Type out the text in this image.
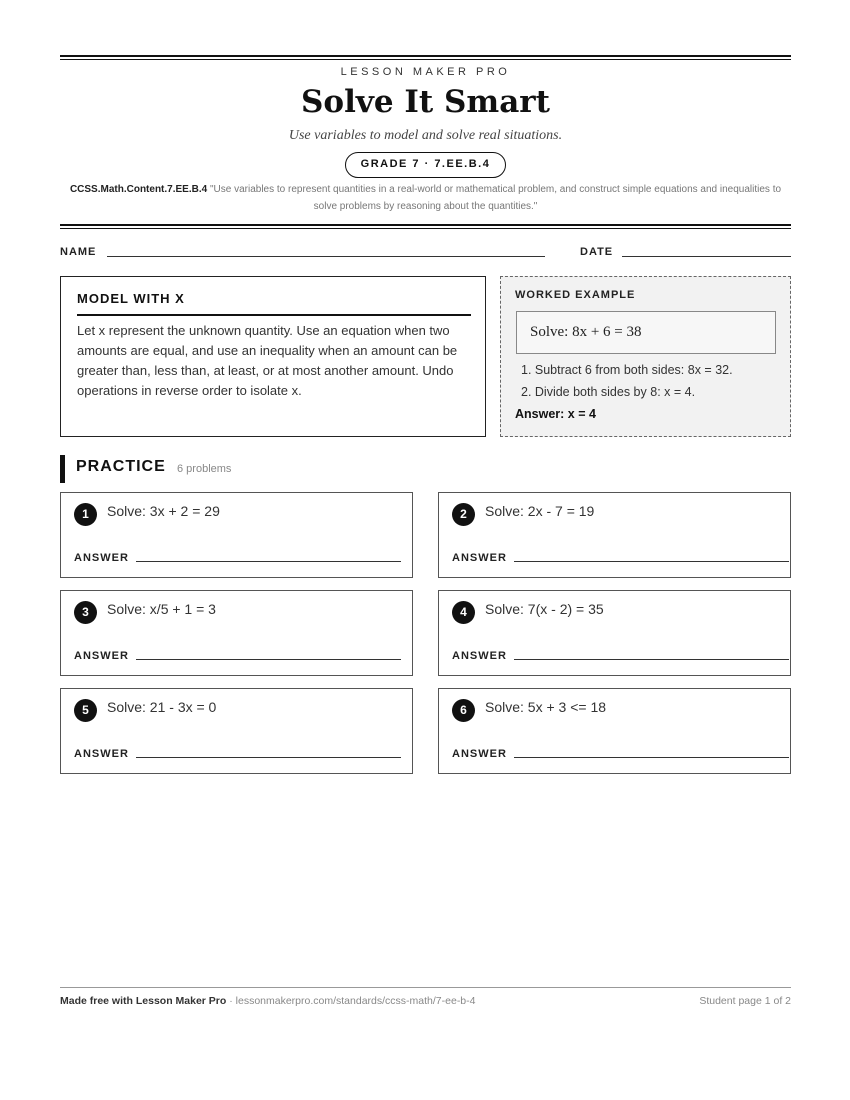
LESSON MAKER PRO
Solve It Smart
Use variables to model and solve real situations.
GRADE 7 · 7.EE.B.4
CCSS.Math.Content.7.EE.B.4 "Use variables to represent quantities in a real-world or mathematical problem, and construct simple equations and inequalities to solve problems by reasoning about the quantities."
NAME	DATE
MODEL WITH X
Let x represent the unknown quantity. Use an equation when two amounts are equal, and use an inequality when an amount can be greater than, less than, at least, or at most another amount. Undo operations in reverse order to isolate x.
WORKED EXAMPLE
Solve: 8x + 6 = 38
1. Subtract 6 from both sides: 8x = 32.
2. Divide both sides by 8: x = 4.
Answer: x = 4
PRACTICE 6 problems
1	Solve: 3x + 2 = 29
ANSWER
2	Solve: 2x - 7 = 19
ANSWER
3	Solve: x/5 + 1 = 3
ANSWER
4	Solve: 7(x - 2) = 35
ANSWER
5	Solve: 21 - 3x = 0
ANSWER
6	Solve: 5x + 3 <= 18
ANSWER
Made free with Lesson Maker Pro · lessonmakerpro.com/standards/ccss-math/7-ee-b-4	Student page 1 of 2
